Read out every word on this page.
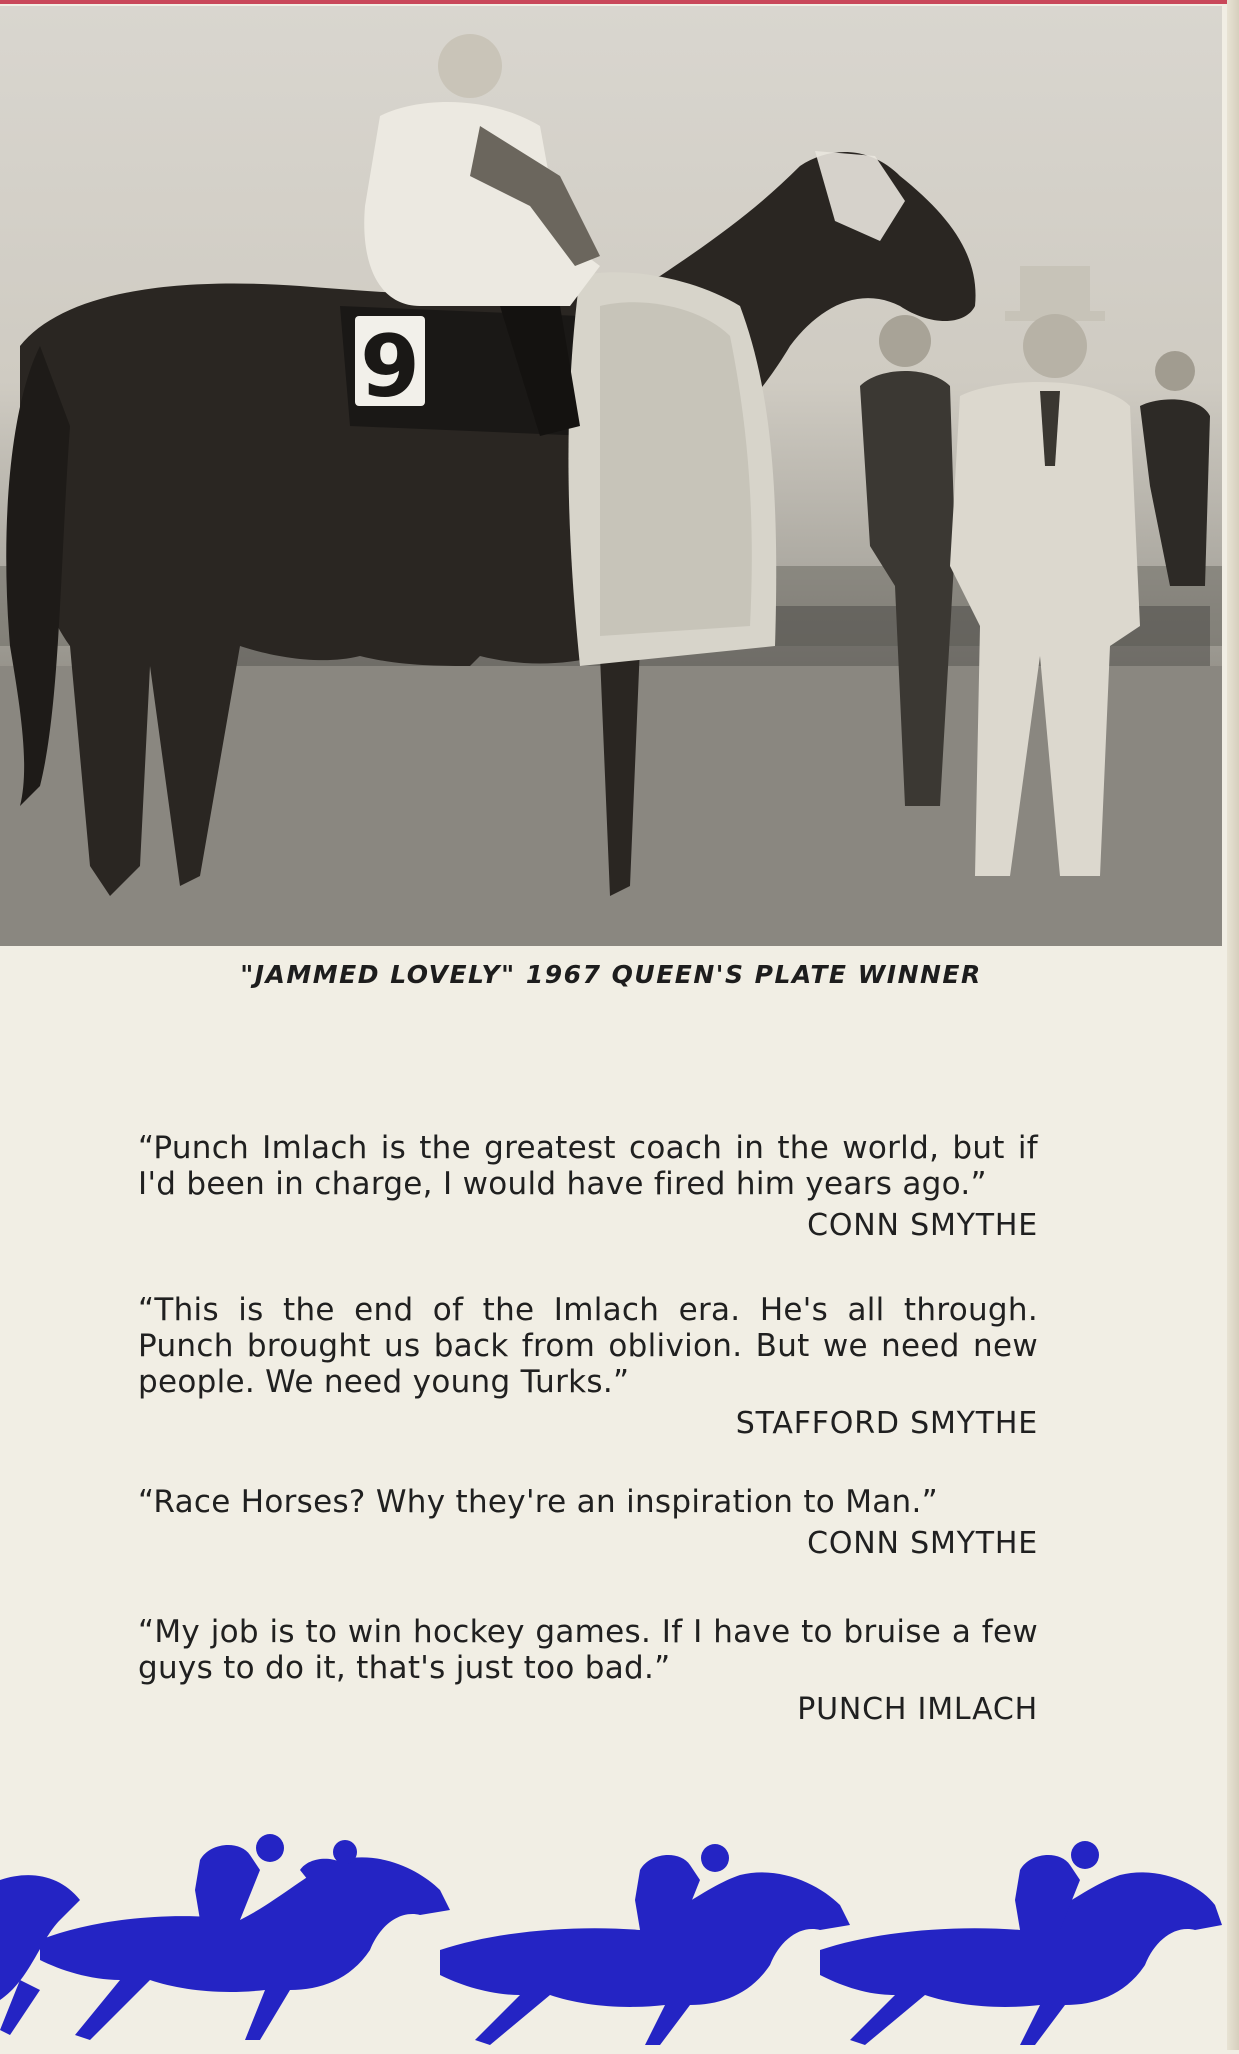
9
"JAMMED LOVELY" 1967 QUEEN'S PLATE WINNER
“Punch Imlach is the greatest coach in the world, but if I'd been in charge, I would have fired him years ago.”
CONN SMYTHE
“This is the end of the Imlach era. He's all through. Punch brought us back from oblivion. But we need new people. We need young Turks.”
STAFFORD SMYTHE
“Race Horses? Why they're an inspiration to Man.”
CONN SMYTHE
“My job is to win hockey games. If I have to bruise a few guys to do it, that's just too bad.”
PUNCH IMLACH
